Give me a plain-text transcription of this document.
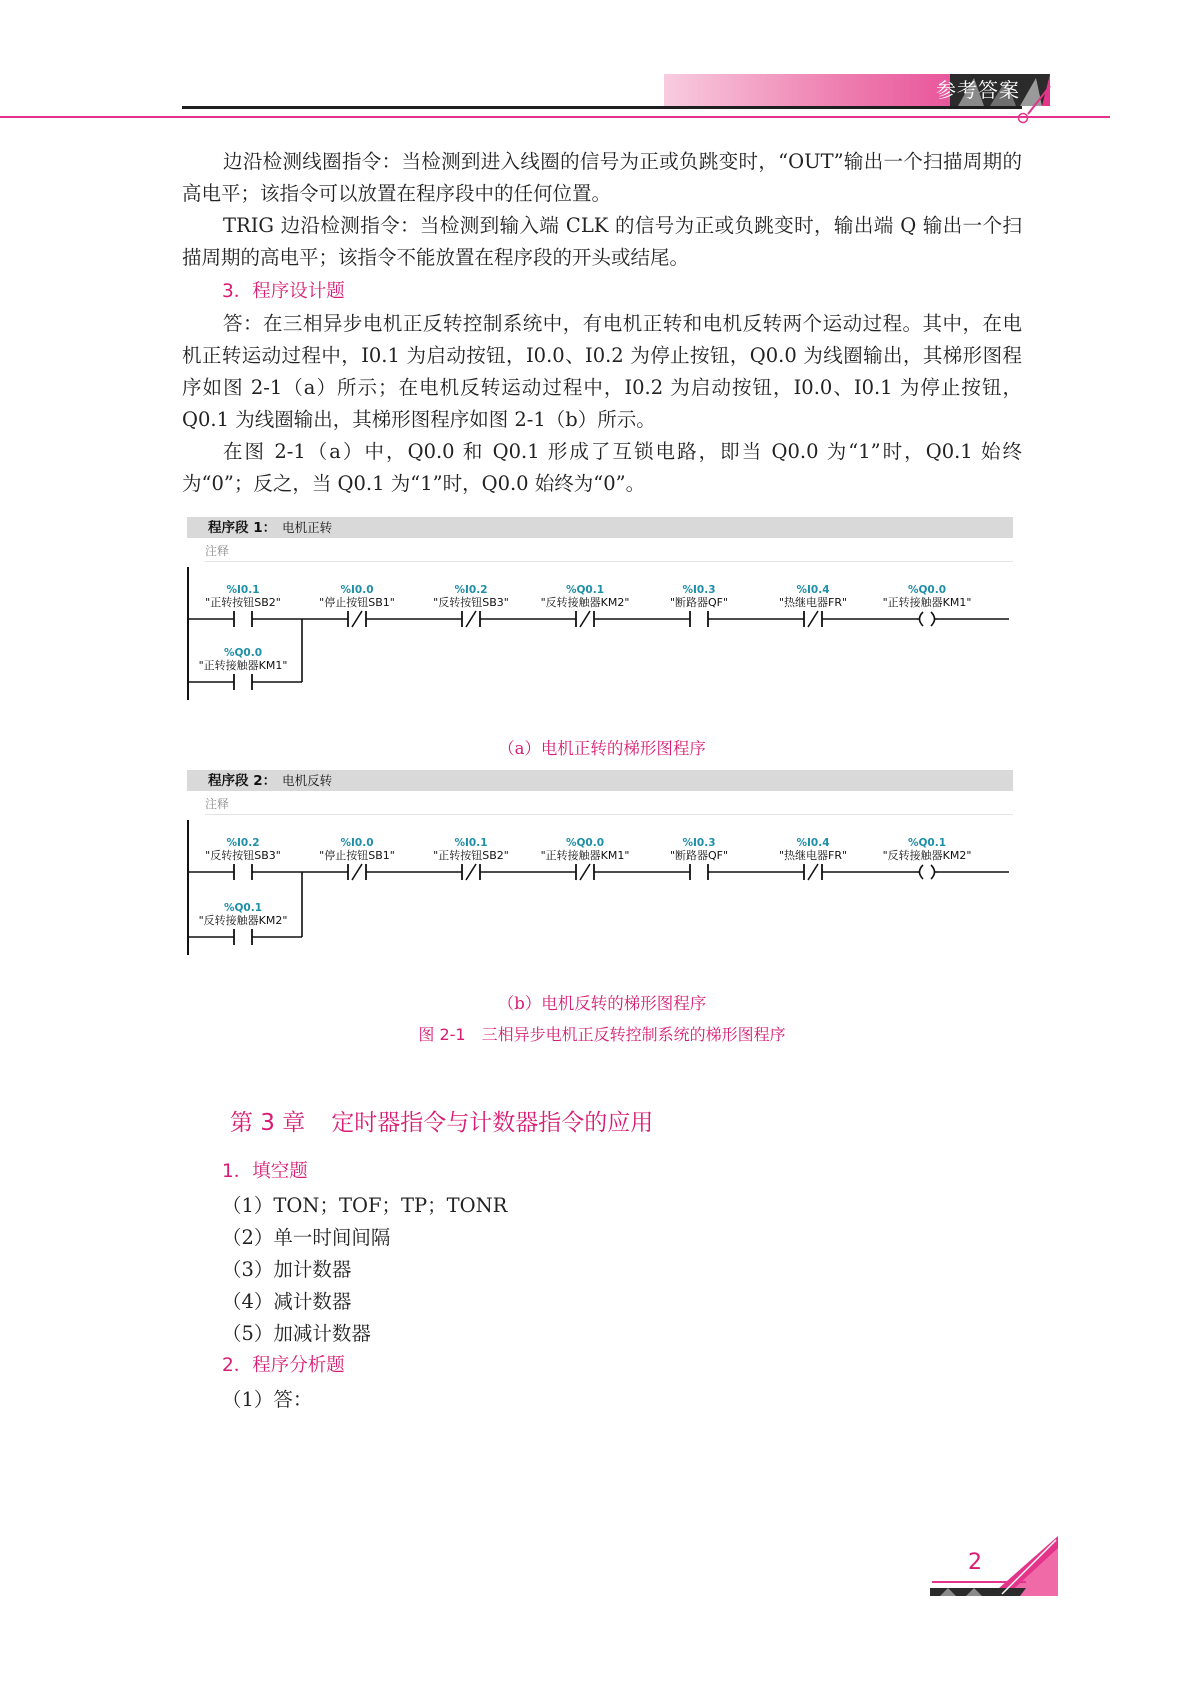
参考答案

边沿检测线圈指令：当检测到进入线圈的信号为正或负跳变时，“OUT”输出一个扫描周期的高电平；该指令可以放置在程序段中的任何位置。

TRIG 边沿检测指令：当检测到输入端 CLK 的信号为正或负跳变时，输出端 Q 输出一个扫描周期的高电平；该指令不能放置在程序段的开头或结尾。

3．程序设计题

答：在三相异步电机正反转控制系统中，有电机正转和电机反转两个运动过程。其中，在电机正转运动过程中，I0.1 为启动按钮，I0.0、I0.2 为停止按钮，Q0.0 为线圈输出，其梯形图程序如图 2-1（a）所示；在电机反转运动过程中，I0.2 为启动按钮，I0.0、I0.1 为停止按钮，Q0.1 为线圈输出，其梯形图程序如图 2-1（b）所示。

在图 2-1（a）中，Q0.0 和 Q0.1 形成了互锁电路，即当 Q0.0 为“1”时，Q0.1 始终为“0”；反之，当 Q0.1 为“1”时，Q0.0 始终为“0”。

程序段 1： 电机正转
注释
%I0.1
"正转按钮SB2"
%I0.0
"停止按钮SB1"
%I0.2
"反转按钮SB3"
%Q0.1
"反转接触器KM2"
%I0.3
"断路器QF"
%I0.4
"热继电器FR"
%Q0.0
"正转接触器KM1"
%Q0.0
"正转接触器KM1"
（a）电机正转的梯形图程序
程序段 2： 电机反转
注释
%I0.2
"反转按钮SB3"
%I0.0
"停止按钮SB1"
%I0.1
"正转按钮SB2"
%Q0.0
"正转接触器KM1"
%I0.3
"断路器QF"
%I0.4
"热继电器FR"
%Q0.1
"反转接触器KM2"
%Q0.1
"反转接触器KM2"
（b）电机反转的梯形图程序
图 2-1　三相异步电机正反转控制系统的梯形图程序
第 3 章 定时器指令与计数器指令的应用
1．填空题
（1）TON；TOF；TP；TONR
（2）单一时间间隔
（3）加计数器
（4）减计数器
（5）加减计数器
2．程序分析题
（1）答：
2
